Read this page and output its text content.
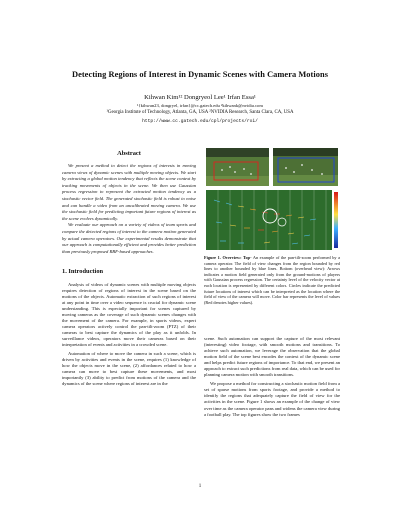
Detecting Regions of Interest in Dynamic Scenes with Camera Motions
Kihwan Kim¹² Dongryeol Lee¹ Irfan Essa¹
¹{kihwan23, dongryel, irfan}@cc.gatech.edu ²kihwank@nvidia.com
¹Georgia Institute of Technology, Atlanta, GA, USA ²NVIDIA Research, Santa Clara, CA, USA
http://www.cc.gatech.edu/cpl/projects/roi/
Abstract

We present a method to detect the regions of interests in moving camera views of dynamic scenes with multiple moving objects. We start by extracting a global motion tendency that reflects the scene context by tracking movements of objects in the scene. We then use Gaussian process regression to represent the extracted motion tendency as a stochastic vector field. The generated stochastic field is robust to noise and can handle a video from an uncalibrated moving camera. We use the stochastic field for predicting important future regions of interest as the scene evolves dynamically.

We evaluate our approach on a variety of videos of team sports and compare the detected regions of interest to the camera motion generated by actual camera operators. Our experimental results demonstrate that our approach is computationally efficient and provides better prediction than previously proposed RBF-based approaches.

1. Introduction

Analysis of videos of dynamic scenes with multiple moving objects requires detection of regions of interest in the scene based on the motions of the objects. Automatic extraction of such regions of interest at any point in time over a video sequence is crucial for dynamic scene understanding. This is especially important for scenes captured by moving cameras as the coverage of such dynamic scenes changes with the movement of the camera. For example, in sports videos, expert camera operators actively control the pan-tilt-zoom (PTZ) of their cameras to best capture the dynamics of the play as it unfolds. In surveillance videos, operators move their cameras based on their interpretation of events and activities in a crowded scene.

Automation of where to move the camera in such a scene, which is driven by activities and events in the scene, requires (1) knowledge of how the objects move in the scene, (2) affordances related to how a camera can move to best capture these movements, and most importantly (3) ability to predict from motions of the camera and the dynamics of the scene where regions of interest are in the

Figure 1. Overview: Top- An example of the pan-tilt-zoom performed by a camera operator. The field of view changes from the region bounded by red lines to another bounded by blue lines. Bottom (overhead view): Arrows indicates a motion field generated only from the ground-motions of players with Gaussian process regression. The certainty level of the velocity vector at each location is represented by different colors. Circles indicate the predicted future locations of interest which can be interpreted as the location where the field of view of the camera will move. Color bar represents the level of values (Red denotes higher values).

scene. Such automation can support the capture of the most relevant (interesting) video footage, with smooth motions and transitions. To achieve such automation, we leverage the observation that the global motion field of the scene best encodes the context of the dynamic scene and helps predict future regions of importance. To that end, we present an approach to extract such predictions from real data, which can be used for planning camera motion with smooth transitions.

We propose a method for constructing a stochastic motion field from a set of sparse motions from sports footage, and provide a method to identify the regions that adequately capture the field of view for the activities in the scene. Figure 1 shows an example of the change of view over time as the camera operator pans and widens the camera view during a football play. The top figures show the two frames

1
